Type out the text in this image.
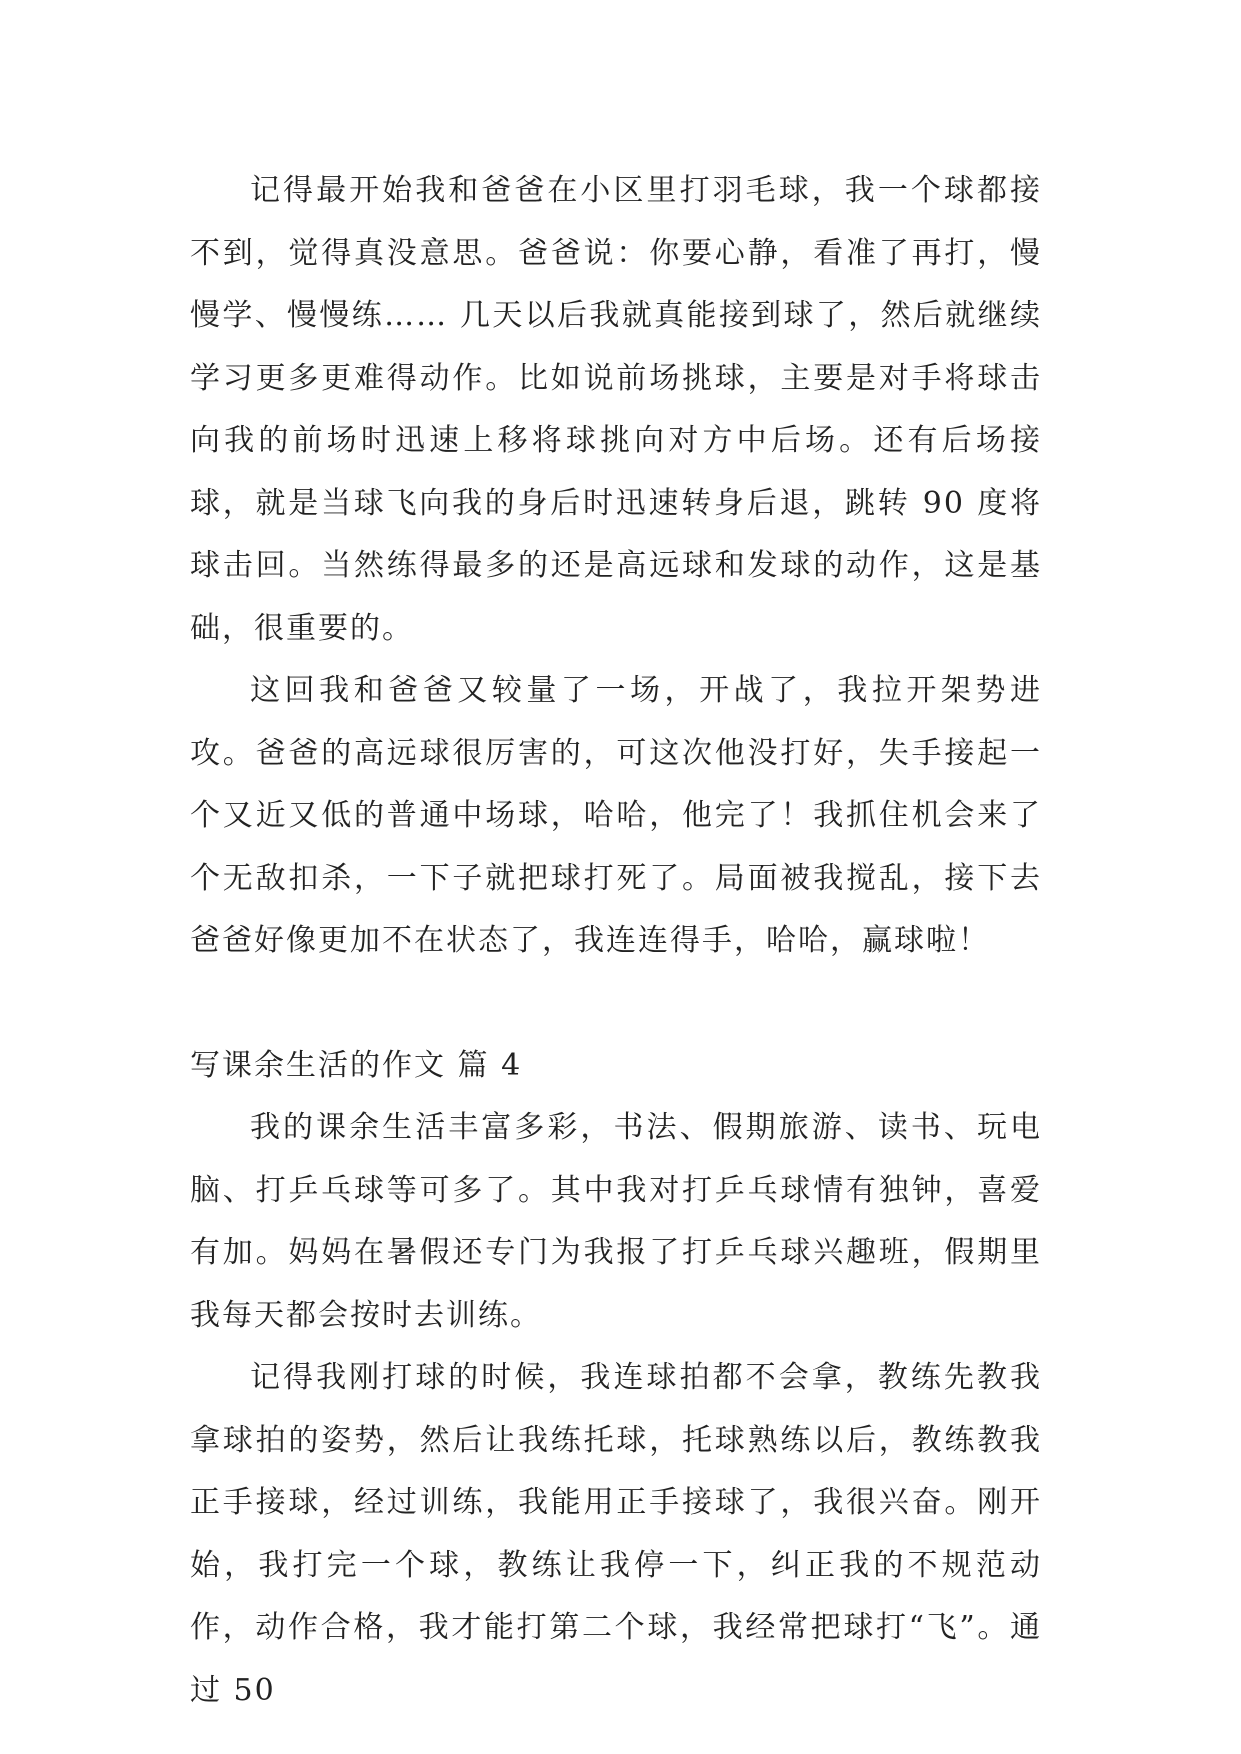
记得最开始我和爸爸在小区里打羽毛球，我一个球都接不到，觉得真没意思。爸爸说：你要心静，看准了再打，慢慢学、慢慢练…… 几天以后我就真能接到球了，然后就继续学习更多更难得动作。比如说前场挑球，主要是对手将球击向我的前场时迅速上移将球挑向对方中后场。还有后场接球，就是当球飞向我的身后时迅速转身后退，跳转 90 度将球击回。当然练得最多的还是高远球和发球的动作，这是基础，很重要的。

这回我和爸爸又较量了一场，开战了，我拉开架势进攻。爸爸的高远球很厉害的，可这次他没打好，失手接起一个又近又低的普通中场球，哈哈，他完了！我抓住机会来了个无敌扣杀，一下子就把球打死了。局面被我搅乱，接下去爸爸好像更加不在状态了，我连连得手，哈哈，赢球啦！

写课余生活的作文 篇 4

我的课余生活丰富多彩，书法、假期旅游、读书、玩电脑、打乒乓球等可多了。其中我对打乒乓球情有独钟，喜爱有加。妈妈在暑假还专门为我报了打乒乓球兴趣班，假期里我每天都会按时去训练。

记得我刚打球的时候，我连球拍都不会拿，教练先教我拿球拍的姿势，然后让我练托球，托球熟练以后，教练教我正手接球，经过训练，我能用正手接球了，我很兴奋。刚开始，我打完一个球，教练让我停一下，纠正我的不规范动作，动作合格，我才能打第二个球，我经常把球打“飞”。通过 50
